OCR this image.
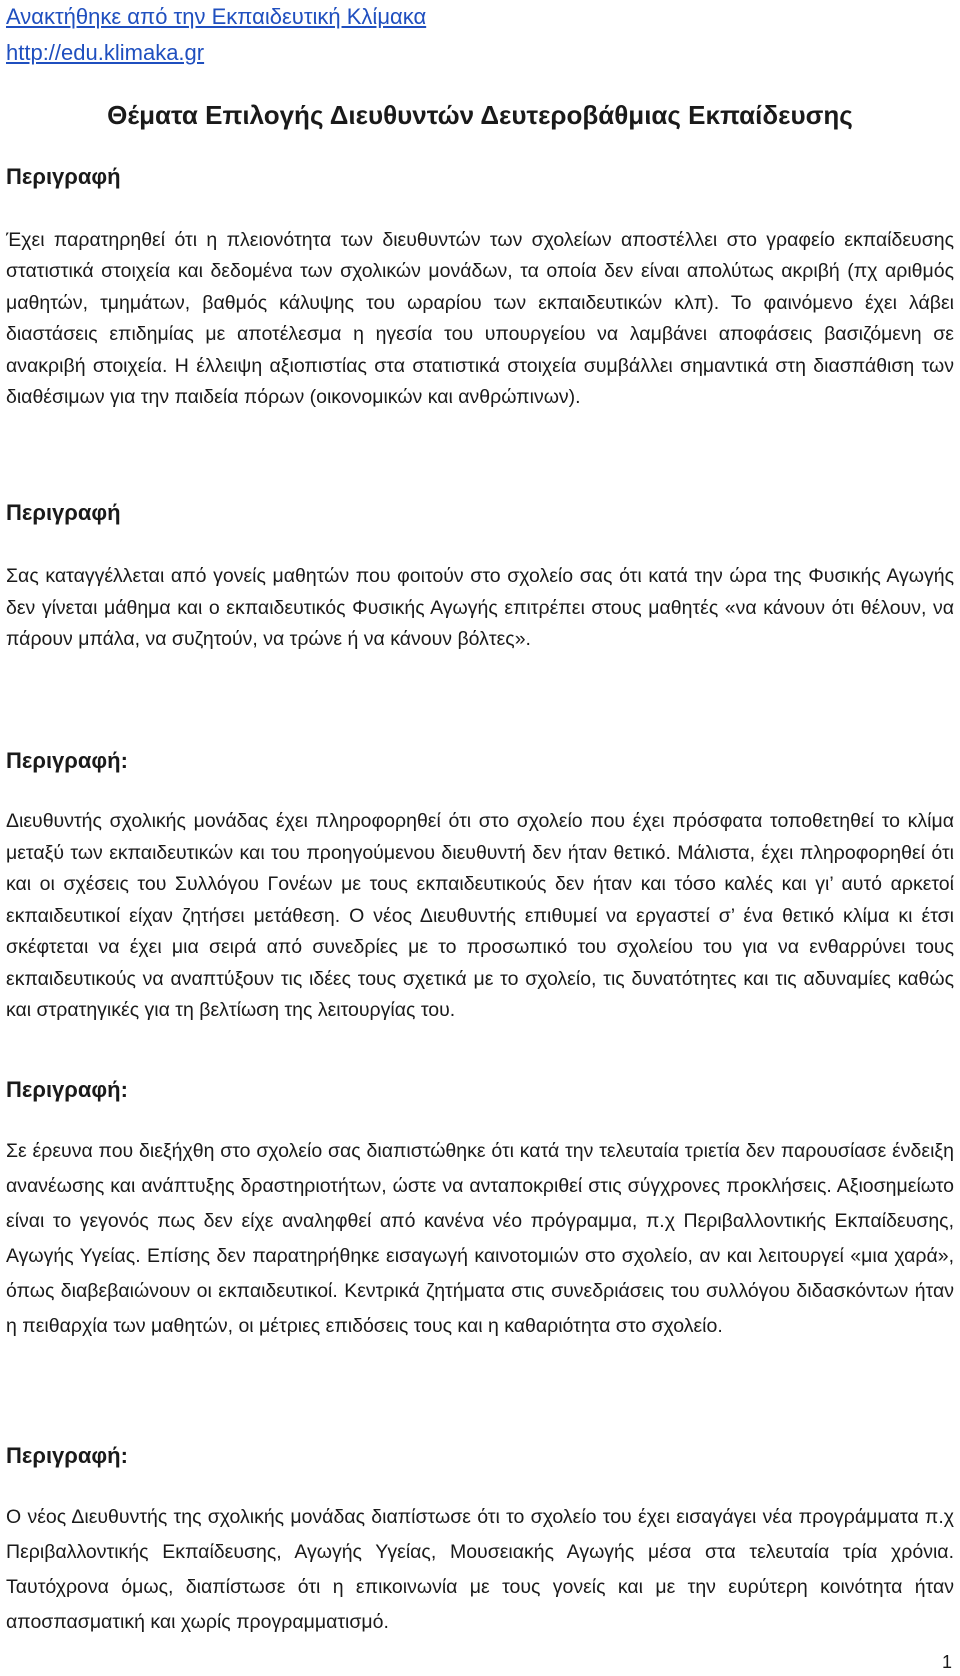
Ανακτήθηκε από την Εκπαιδευτική Κλίμακα
http://edu.klimaka.gr
Θέματα Επιλογής Διευθυντών Δευτεροβάθμιας Εκπαίδευσης
Περιγραφή

Έχει παρατηρηθεί ότι η πλειονότητα των διευθυντών των σχολείων αποστέλλει στο γραφείο εκπαίδευσης στατιστικά στοιχεία και δεδομένα των σχολικών μονάδων, τα οποία δεν είναι απολύτως ακριβή (πχ αριθμός μαθητών, τμημάτων, βαθμός κάλυψης του ωραρίου των εκπαιδευτικών κλπ). Το φαινόμενο έχει λάβει διαστάσεις επιδημίας με αποτέλεσμα η ηγεσία του υπουργείου να λαμβάνει αποφάσεις βασιζόμενη σε ανακριβή στοιχεία. Η έλλειψη αξιοπιστίας στα στατιστικά στοιχεία συμβάλλει σημαντικά στη διασπάθιση των διαθέσιμων για την παιδεία πόρων (οικονομικών και ανθρώπινων).

Περιγραφή

Σας καταγγέλλεται από γονείς μαθητών που φοιτούν στο σχολείο σας ότι κατά την ώρα της Φυσικής Αγωγής δεν γίνεται μάθημα και ο εκπαιδευτικός Φυσικής Αγωγής επιτρέπει στους μαθητές «να κάνουν ότι θέλουν, να πάρουν μπάλα, να συζητούν, να τρώνε ή να κάνουν βόλτες».

Περιγραφή:

Διευθυντής σχολικής μονάδας έχει πληροφορηθεί ότι στο σχολείο που έχει πρόσφατα τοποθετηθεί το κλίμα μεταξύ των εκπαιδευτικών και του προηγούμενου διευθυντή δεν ήταν θετικό. Μάλιστα, έχει πληροφορηθεί ότι και οι σχέσεις του Συλλόγου Γονέων με τους εκπαιδευτικούς δεν ήταν και τόσο καλές και γι’ αυτό αρκετοί εκπαιδευτικοί είχαν ζητήσει μετάθεση. Ο νέος Διευθυντής επιθυμεί να εργαστεί σ’ ένα θετικό κλίμα κι έτσι σκέφτεται να έχει μια σειρά από συνεδρίες με το προσωπικό του σχολείου του για να ενθαρρύνει τους εκπαιδευτικούς να αναπτύξουν τις ιδέες τους σχετικά με το σχολείο, τις δυνατότητες και τις αδυναμίες καθώς και στρατηγικές για τη βελτίωση της λειτουργίας του.

Περιγραφή:

Σε έρευνα που διεξήχθη στο σχολείο σας διαπιστώθηκε ότι κατά την τελευταία τριετία δεν παρουσίασε ένδειξη ανανέωσης και ανάπτυξης δραστηριοτήτων, ώστε να ανταποκριθεί στις σύγχρονες προκλήσεις. Αξιοσημείωτο είναι το γεγονός πως δεν είχε αναληφθεί από κανένα νέο πρόγραμμα, π.χ Περιβαλλοντικής Εκπαίδευσης, Αγωγής Υγείας. Επίσης δεν παρατηρήθηκε εισαγωγή καινοτομιών στο σχολείο, αν και λειτουργεί «μια χαρά», όπως διαβεβαιώνουν οι εκπαιδευτικοί. Κεντρικά ζητήματα στις συνεδριάσεις του συλλόγου διδασκόντων ήταν η πειθαρχία των μαθητών, οι μέτριες επιδόσεις τους και η καθαριότητα στο σχολείο.

Περιγραφή:

Ο νέος Διευθυντής της σχολικής μονάδας διαπίστωσε ότι το σχολείο του έχει εισαγάγει νέα προγράμματα π.χ Περιβαλλοντικής Εκπαίδευσης, Αγωγής Υγείας, Μουσειακής Αγωγής μέσα στα τελευταία τρία χρόνια. Ταυτόχρονα όμως, διαπίστωσε ότι η επικοινωνία με τους γονείς και με την ευρύτερη κοινότητα ήταν αποσπασματική και χωρίς προγραμματισμό.

1
